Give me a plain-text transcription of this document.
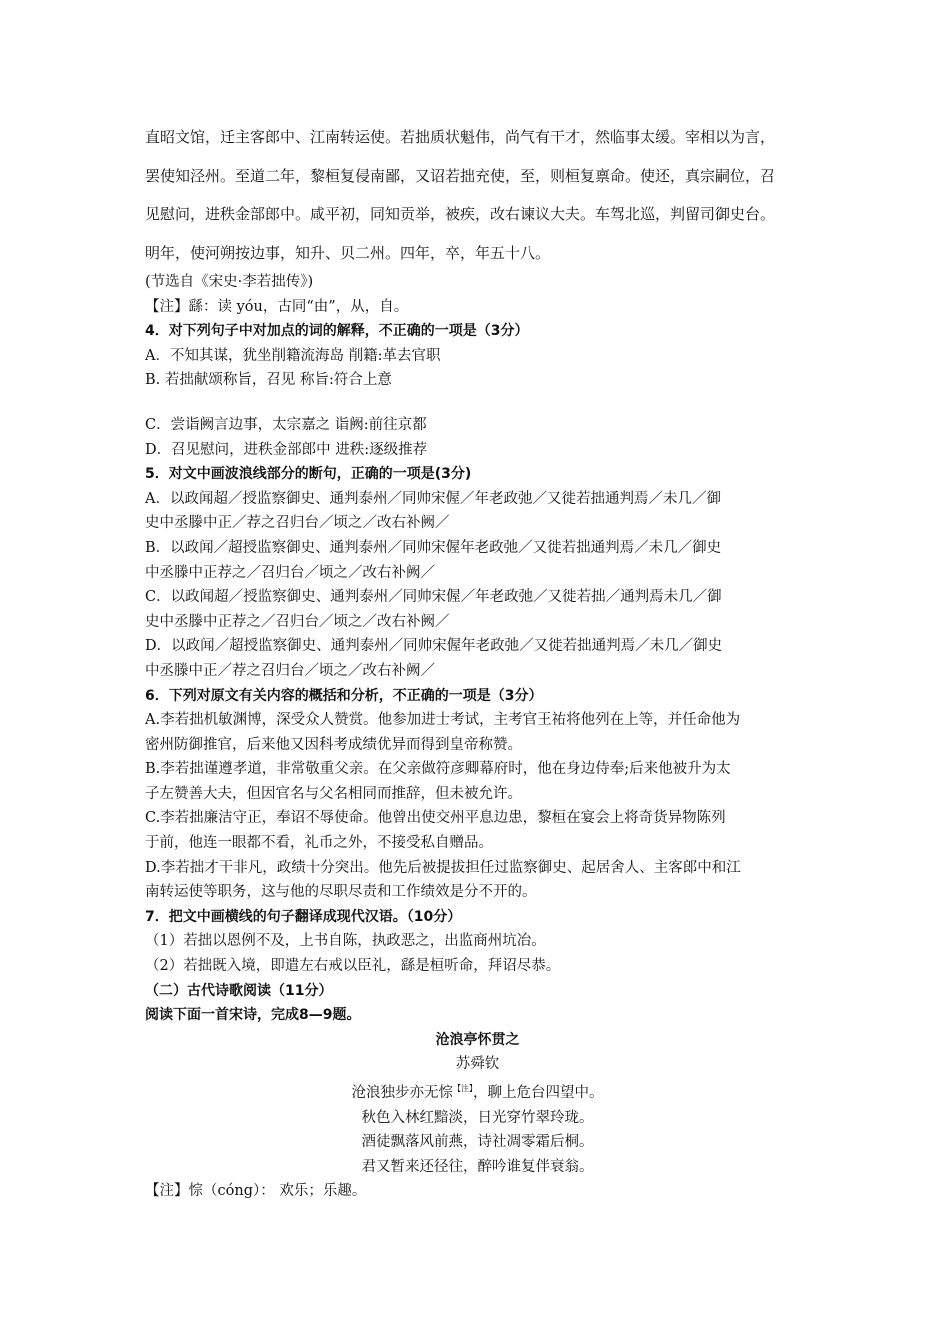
直昭文馆，迁主客郎中、江南转运使。若拙质状魁伟，尚气有干才，然临事太缓。宰相以为言，
罢使知泾州。至道二年，黎桓复侵南鄙，又诏若拙充使，至，则桓复禀命。使还，真宗嗣位，召
见慰问，进秩金部郎中。咸平初，同知贡举，被疾，改右谏议大夫。车驾北巡，判留司御史台。
明年，使河朔按边事，知升、贝二州。四年，卒，年五十八。
(节选自《宋史·李若拙传》)
【注】繇：读 yóu，古同“由”，从，自。
4．对下列句子中对加点的词的解释，不正确的一项是（3分）
A．不知其谋，犹坐削籍流海岛 削籍:革去官职
B. 若拙献颂称旨，召见 称旨:符合上意
C．尝诣阙言边事，太宗嘉之 诣阙:前往京都
D．召见慰问，进秩金部郎中 进秩:逐级推荐
5．对文中画波浪线部分的断句，正确的一项是(3分)
A．以政闻超／授监察御史、通判泰州／同帅宋偓／年老政弛／又徙若拙通判焉／未几／御
史中丞滕中正／荐之召归台／顷之／改右补阙／
B．以政闻／超授监察御史、通判泰州／同帅宋偓年老政弛／又徙若拙通判焉／未几／御史
中丞滕中正荐之／召归台／顷之／改右补阙／
C．以政闻超／授监察御史、通判泰州／同帅宋偓／年老政弛／又徙若拙／通判焉未几／御
史中丞滕中正荐之／召归台／顷之／改右补阙／
D．以政闻／超授监察御史、通判泰州／同帅宋偓年老政弛／又徙若拙通判焉／未几／御史
中丞滕中正／荐之召归台／顷之／改右补阙／
6．下列对原文有关内容的概括和分析，不正确的一项是（3分）
A.李若拙机敏渊博，深受众人赞赏。他参加进士考试，主考官王祐将他列在上等，并任命他为
密州防御推官，后来他又因科考成绩优异而得到皇帝称赞。
B.李若拙谨遵孝道，非常敬重父亲。在父亲做符彦卿幕府时，他在身边侍奉;后来他被升为太
子左赞善大夫，但因官名与父名相同而推辞，但未被允许。
C.李若拙廉洁守正，奉诏不辱使命。他曾出使交州平息边患，黎桓在宴会上将奇货异物陈列
于前，他连一眼都不看，礼币之外，不接受私自赠品。
D.李若拙才干非凡，政绩十分突出。他先后被提拔担任过监察御史、起居舍人、主客郎中和江
南转运使等职务，这与他的尽职尽责和工作绩效是分不开的。
7．把文中画横线的句子翻译成现代汉语。（10分）
（1）若拙以恩例不及，上书自陈，执政恶之，出监商州坑冶。
（2）若拙既入境，即遣左右戒以臣礼，繇是桓听命，拜诏尽恭。
（二）古代诗歌阅读（11分）
阅读下面一首宋诗，完成8—9题。
沧浪亭怀贯之
苏舜钦
沧浪独步亦无悰$^{【注】}$，聊上危台四望中。
秋色入林红黯淡，日光穿竹翠玲珑。
酒徒飘落风前燕，诗社凋零霜后桐。
君又暂来还径往，醉吟谁复伴衰翁。
【注】悰（cóng）： 欢乐；乐趣。
